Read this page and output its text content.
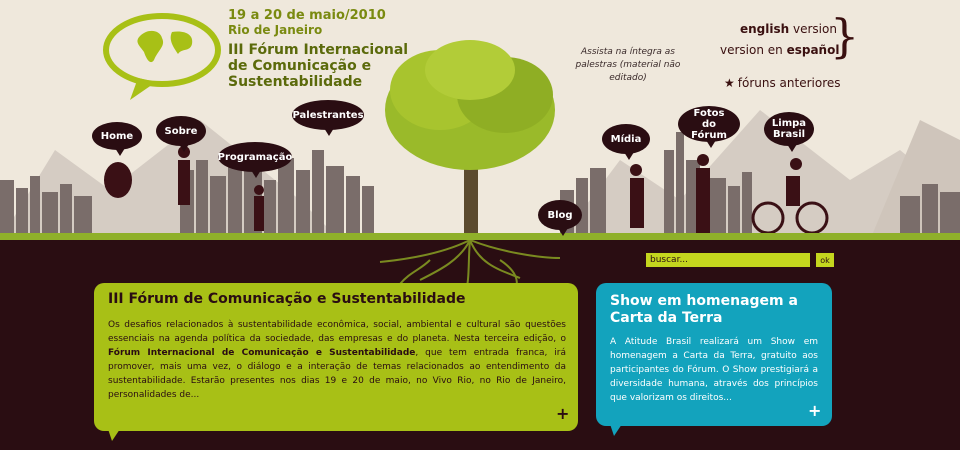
19 a 20 de maio/2010
Rio de Janeiro
III Fórum Internacional de Comunicação e Sustentabilidade
Assista na íntegra as palestras (material não editado)
english version
version en español
}
★ fóruns anteriores
Home	Sobre
Programação
Palestrantes
Blog
Mídia
Fotos do Fórum
Limpa Brasil
buscar...
ok
III Fórum de Comunicação e Sustentabilidade
Os desafios relacionados à sustentabilidade econômica, social, ambiental e cultural são questões essenciais na agenda política da sociedade, das empresas e do planeta. Nesta terceira edição, o Fórum Internacional de Comunicação e Sustentabilidade, que tem entrada franca, irá promover, mais uma vez, o diálogo e a interação de temas relacionados ao entendimento da sustentabilidade. Estarão presentes nos dias 19 e 20 de maio, no Vivo Rio, no Rio de Janeiro, personalidades de...
+
Show em homenagem a Carta da Terra
A Atitude Brasil realizará um Show em homenagem a Carta da Terra, gratuito aos participantes do Fórum. O Show prestigiará a diversidade humana, através dos princípios que valorizam os direitos...
+
